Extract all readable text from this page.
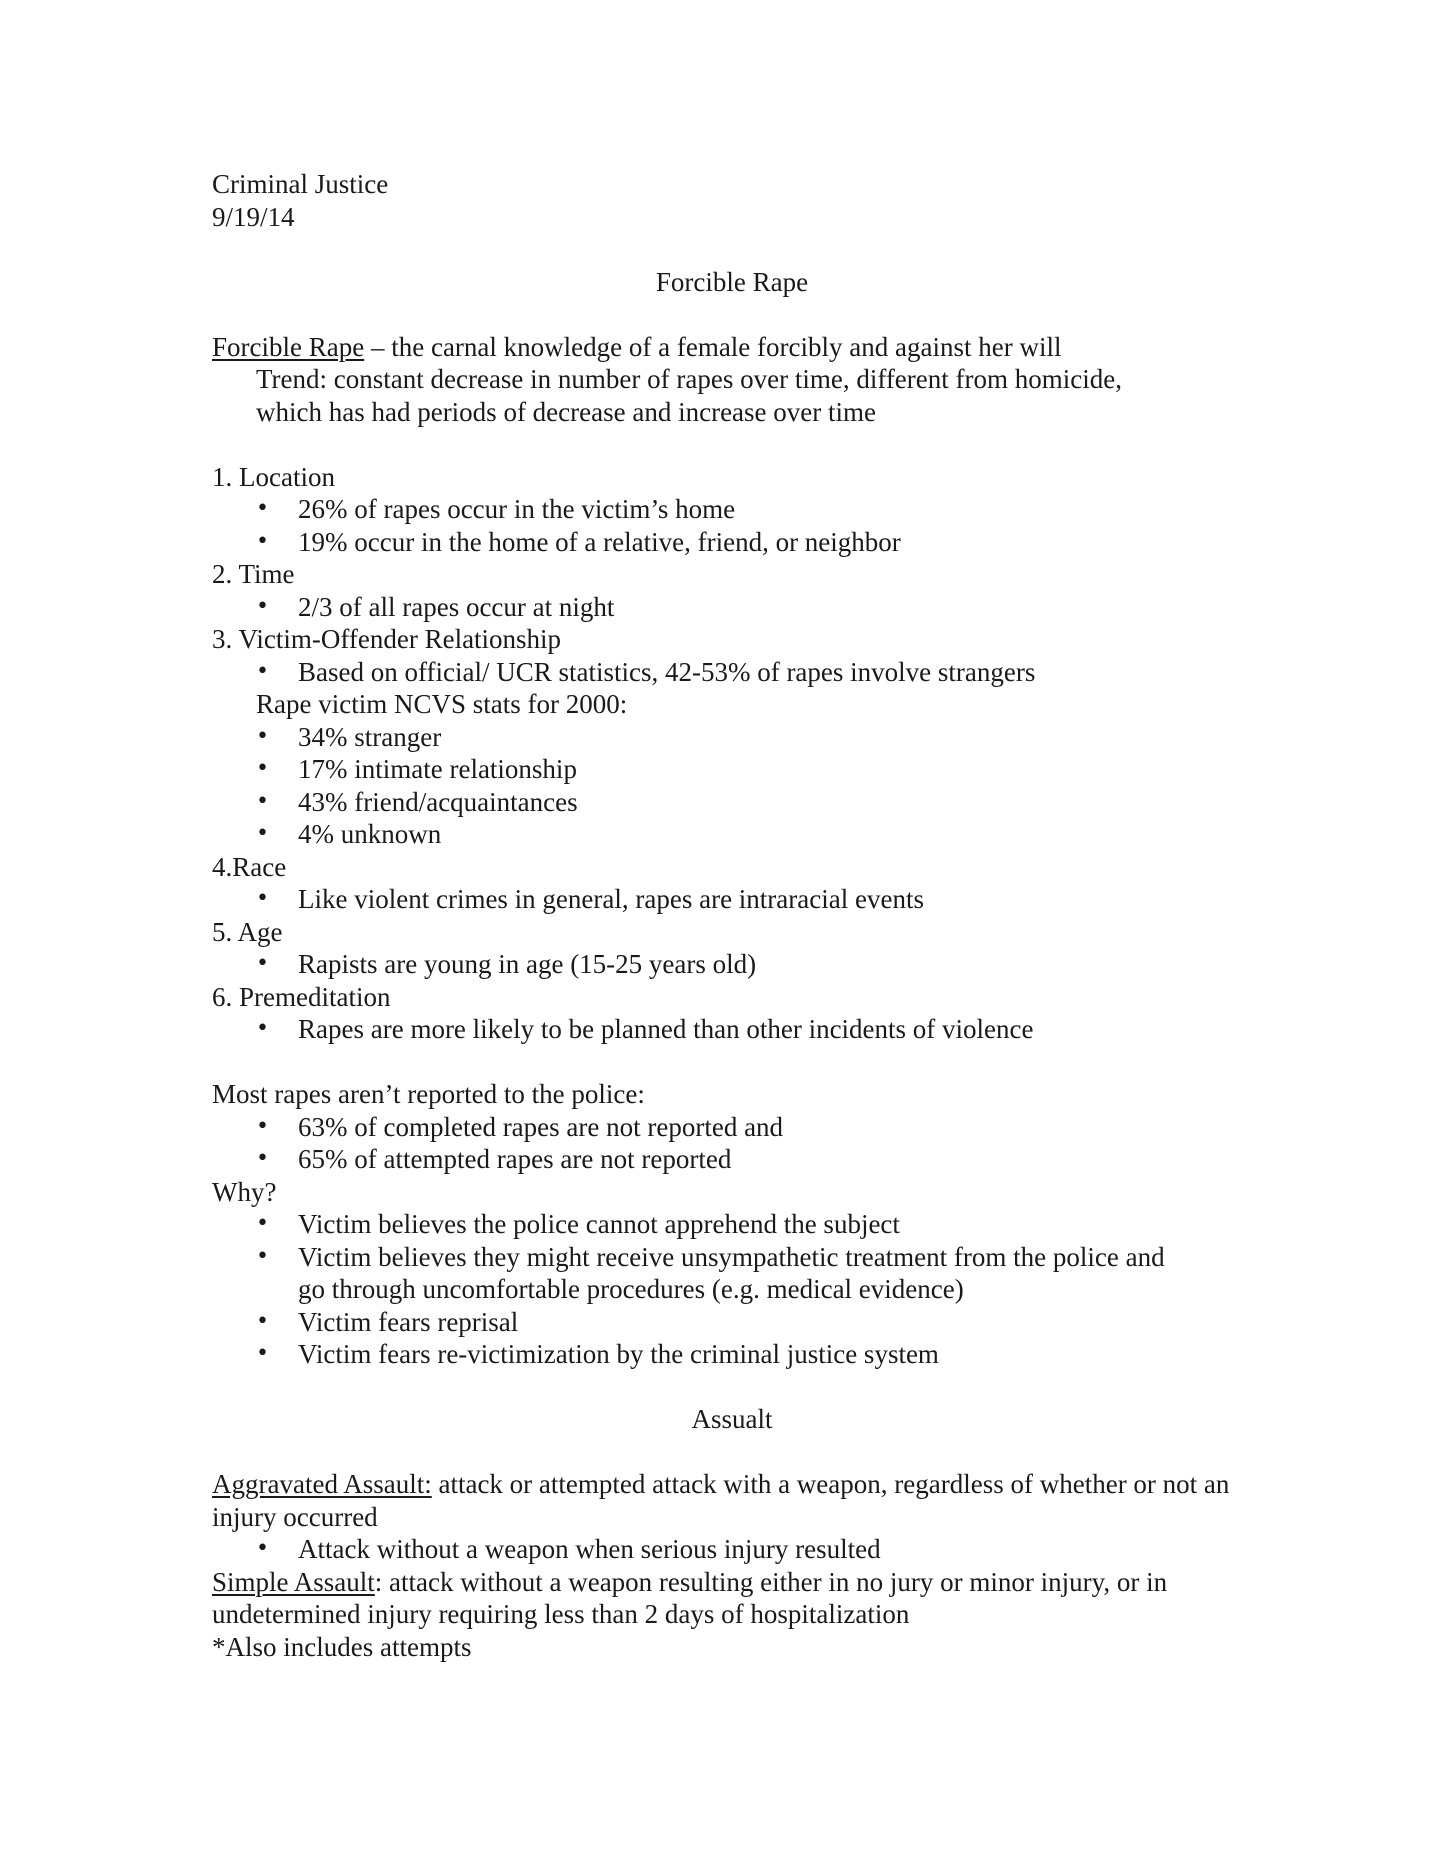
Criminal Justice
9/19/14
Forcible Rape
Forcible Rape – the carnal knowledge of a female forcibly and against her will
Trend: constant decrease in number of rapes over time, different from homicide,
which has had periods of decrease and increase over time
1. Location
• 26% of rapes occur in the victim’s home
• 19% occur in the home of a relative, friend, or neighbor
2. Time
• 2/3 of all rapes occur at night
3. Victim-Offender Relationship
• Based on official/ UCR statistics, 42-53% of rapes involve strangers
Rape victim NCVS stats for 2000:
• 34% stranger
• 17% intimate relationship
• 43% friend/acquaintances
• 4% unknown
4.Race
• Like violent crimes in general, rapes are intraracial events
5. Age
• Rapists are young in age (15-25 years old)
6. Premeditation
• Rapes are more likely to be planned than other incidents of violence
Most rapes aren’t reported to the police:
• 63% of completed rapes are not reported and
• 65% of attempted rapes are not reported
Why?
• Victim believes the police cannot apprehend the subject
• Victim believes they might receive unsympathetic treatment from the police and go through uncomfortable procedures (e.g. medical evidence)
• Victim fears reprisal
• Victim fears re-victimization by the criminal justice system
Assualt
Aggravated Assault: attack or attempted attack with a weapon, regardless of whether or not an injury occurred
• Attack without a weapon when serious injury resulted
Simple Assault: attack without a weapon resulting either in no jury or minor injury, or in undetermined injury requiring less than 2 days of hospitalization
*Also includes attempts
